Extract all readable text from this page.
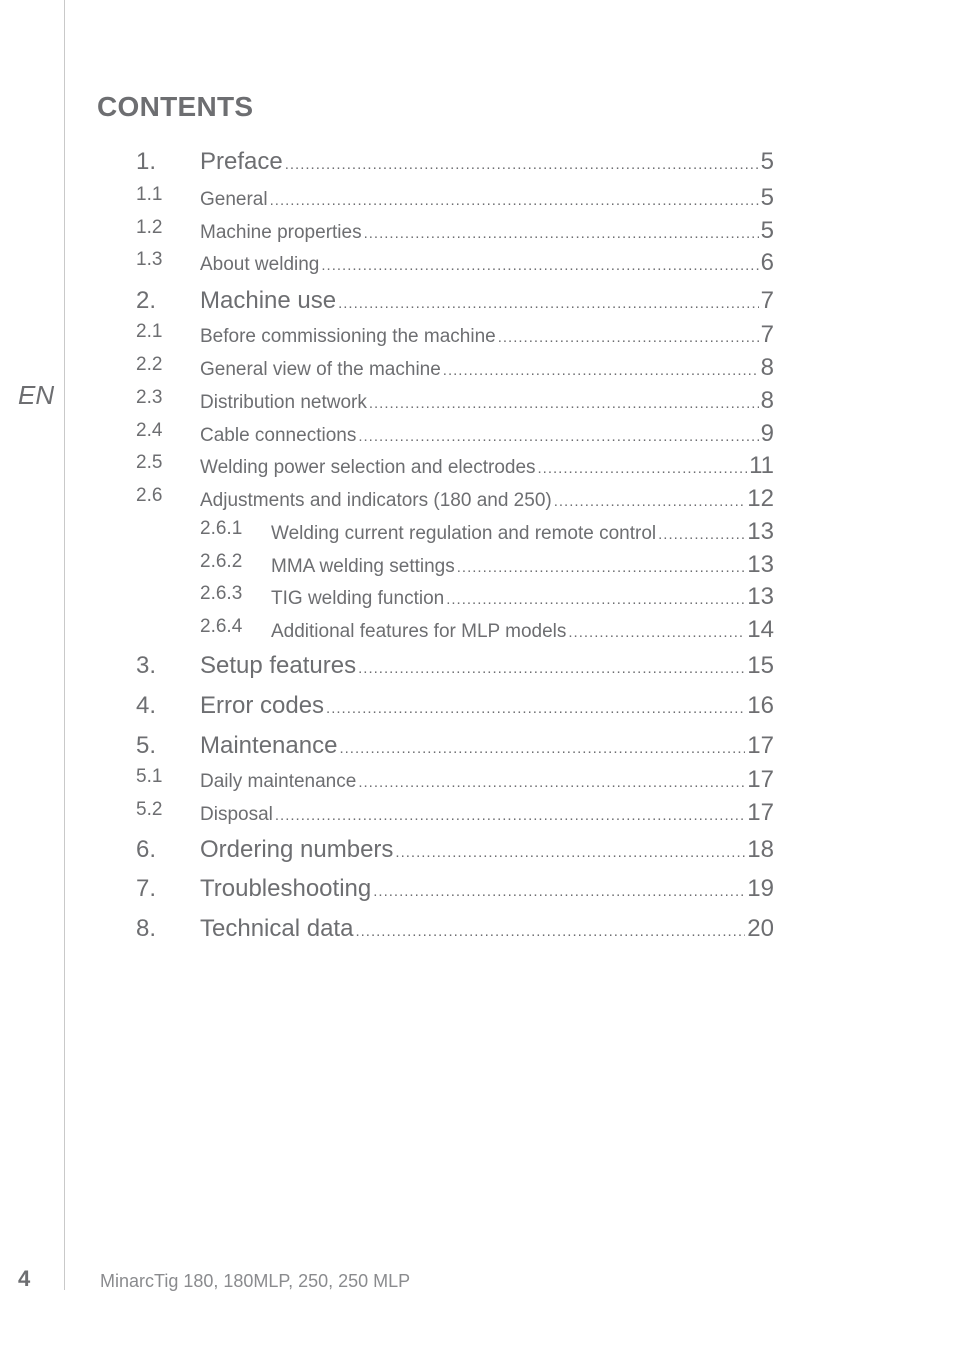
EN
CONTENTS
1. Preface .....	5
1.1 General .....	5
1.2 Machine properties .....	5
1.3 About welding .....	6
2. Machine use .....	7
2.1 Before commissioning the machine .....	7
2.2 General view of the machine .....	8
2.3 Distribution network .....	8
2.4 Cable connections .....	9
2.5 Welding power selection and electrodes .....	11
2.6 Adjustments and indicators (180 and 250) .....	12
2.6.1 Welding current regulation and remote control .....	13
2.6.2 MMA welding settings .....	13
2.6.3 TIG welding function .....	13
2.6.4 Additional features for MLP models .....	14
3. Setup features .....	15
4. Error codes .....	16
5. Maintenance .....	17
5.1 Daily maintenance .....	17
5.2 Disposal .....	17
6. Ordering numbers .....	18
7. Troubleshooting .....	19
8. Technical data .....	20
4	MinarcTig 180, 180MLP, 250, 250 MLP
